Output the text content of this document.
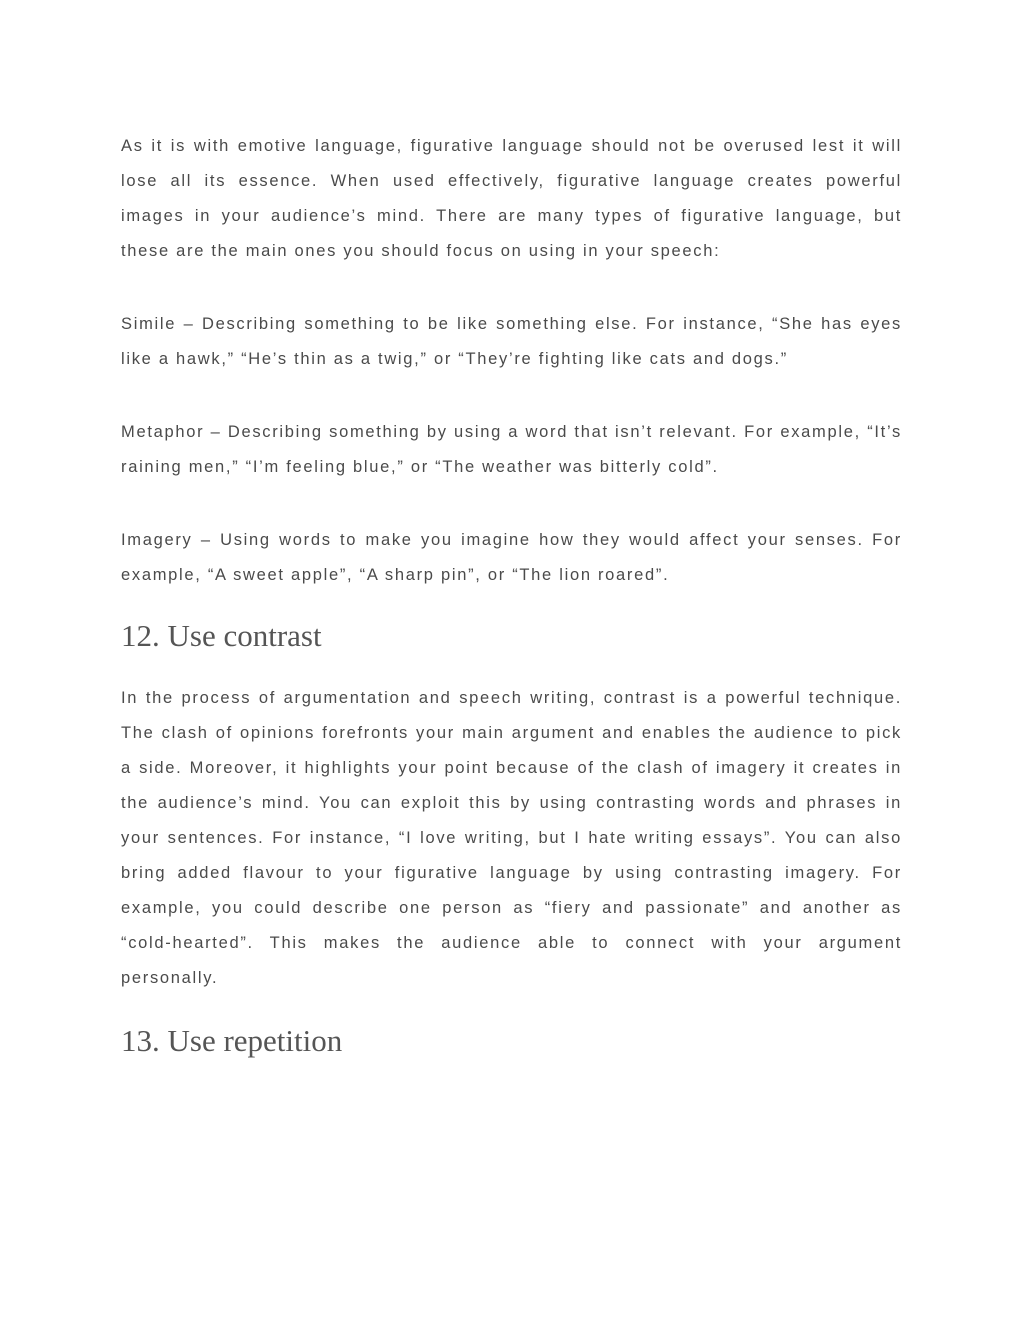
As it is with emotive language, figurative language should not be overused lest it will lose all its essence. When used effectively, figurative language creates powerful images in your audience’s mind. There are many types of figurative language, but these are the main ones you should focus on using in your speech:

Simile – Describing something to be like something else. For instance, “She has eyes like a hawk,” “He’s thin as a twig,” or “They’re fighting like cats and dogs.”

Metaphor – Describing something by using a word that isn’t relevant. For example, “It’s raining men,” “I’m feeling blue,” or “The weather was bitterly cold”.

Imagery – Using words to make you imagine how they would affect your senses. For example, “A sweet apple”, “A sharp pin”, or “The lion roared”.

12. Use contrast

In the process of argumentation and speech writing, contrast is a powerful technique. The clash of opinions forefronts your main argument and enables the audience to pick a side. Moreover, it highlights your point because of the clash of imagery it creates in the audience’s mind. You can exploit this by using contrasting words and phrases in your sentences. For instance, “I love writing, but I hate writing essays”. You can also bring added flavour to your figurative language by using contrasting imagery. For example, you could describe one person as “fiery and passionate” and another as “cold-hearted”. This makes the audience able to connect with your argument personally.

13. Use repetition
